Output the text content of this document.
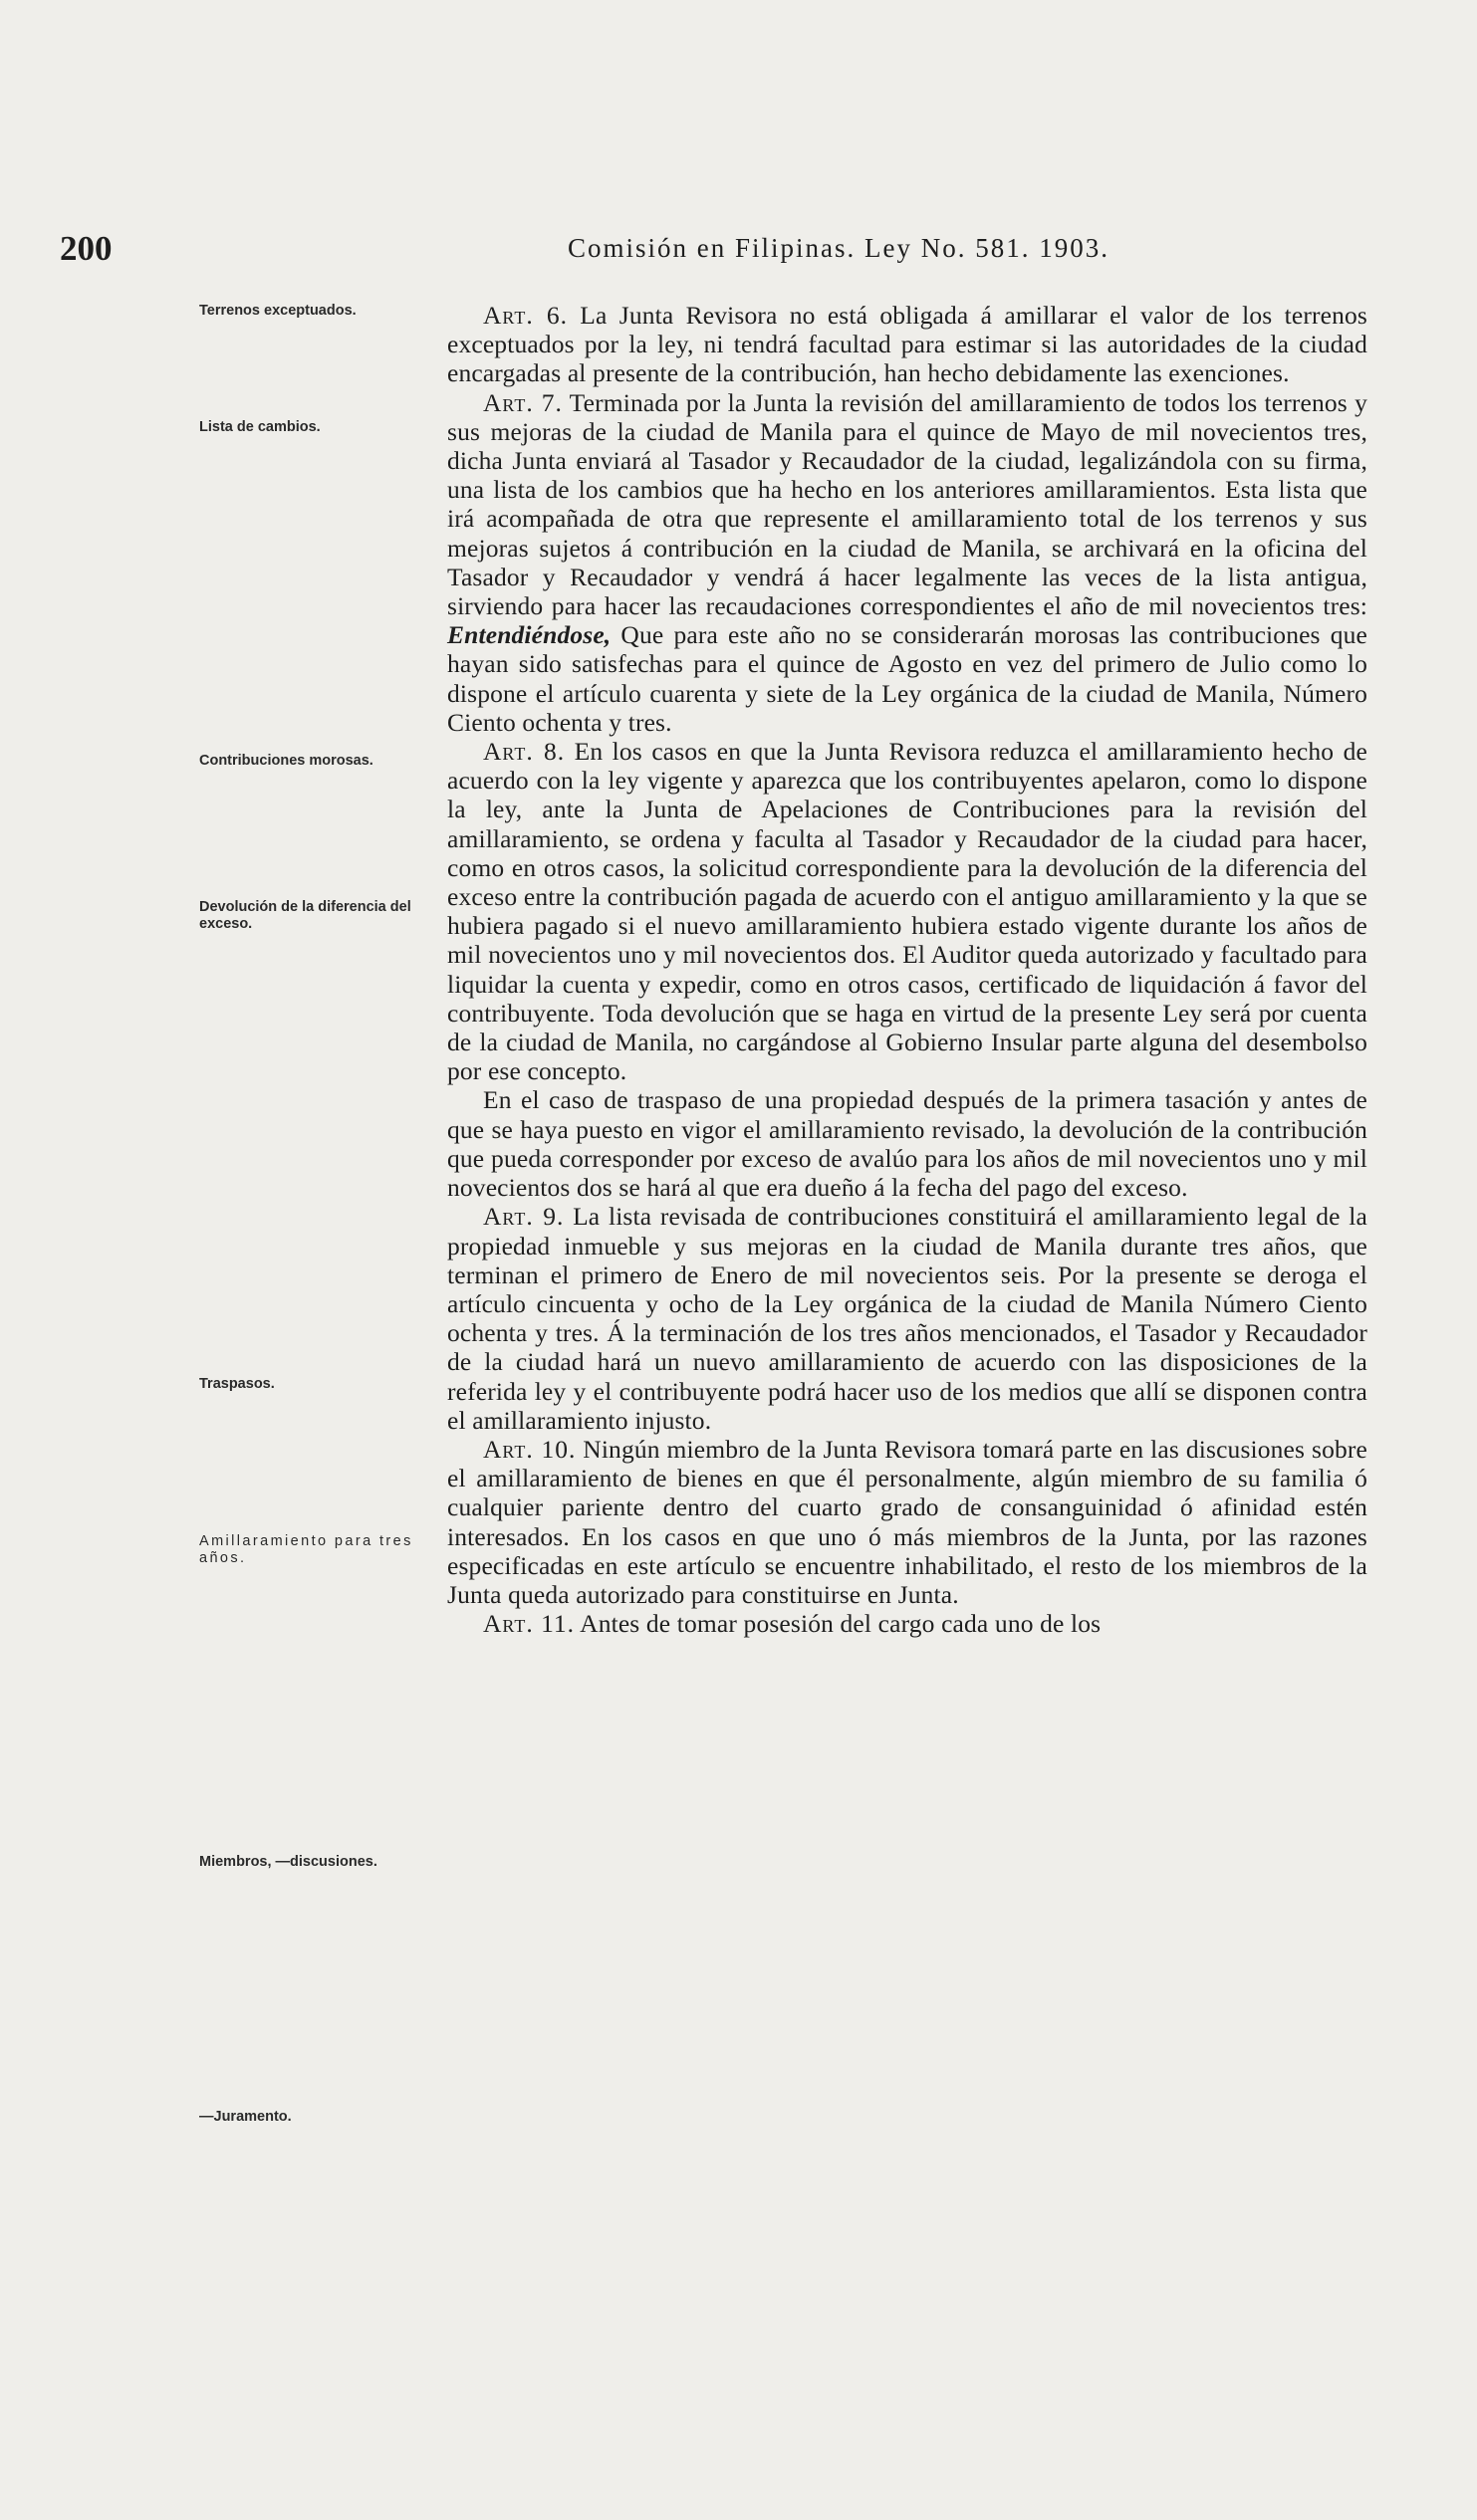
200	Comisión en Filipinas. Ley No. 581. 1903.
Terrenos exceptuados.
Lista de cambios.
Contribuciones morosas.
Devolución de la diferencia del exceso.
Traspasos.
Amillaramiento para tres años.
Miembros, —discusiones.
—Juramento.

Art. 6. La Junta Revisora no está obligada á amillarar el valor de los terrenos exceptuados por la ley, ni tendrá facultad para estimar si las autoridades de la ciudad encargadas al presente de la contribución, han hecho debidamente las exenciones.

Art. 7. Terminada por la Junta la revisión del amillaramiento de todos los terrenos y sus mejoras de la ciudad de Manila para el quince de Mayo de mil novecientos tres, dicha Junta enviará al Tasador y Recaudador de la ciudad, legalizándola con su firma, una lista de los cambios que ha hecho en los anteriores amillaramientos. Esta lista que irá acompañada de otra que represente el amillaramiento total de los terrenos y sus mejoras sujetos á contribución en la ciudad de Manila, se archivará en la oficina del Tasador y Recaudador y vendrá á hacer legalmente las veces de la lista antigua, sirviendo para hacer las recaudaciones correspondientes el año de mil novecientos tres: Entendiéndose, Que para este año no se considerarán morosas las contribuciones que hayan sido satisfechas para el quince de Agosto en vez del primero de Julio como lo dispone el artículo cuarenta y siete de la Ley orgánica de la ciudad de Manila, Número Ciento ochenta y tres.

Art. 8. En los casos en que la Junta Revisora reduzca el amillaramiento hecho de acuerdo con la ley vigente y aparezca que los contribuyentes apelaron, como lo dispone la ley, ante la Junta de Apelaciones de Contribuciones para la revisión del amillaramiento, se ordena y faculta al Tasador y Recaudador de la ciudad para hacer, como en otros casos, la solicitud correspondiente para la devolución de la diferencia del exceso entre la contribución pagada de acuerdo con el antiguo amillaramiento y la que se hubiera pagado si el nuevo amillaramiento hubiera estado vigente durante los años de mil novecientos uno y mil novecientos dos. El Auditor queda autorizado y facultado para liquidar la cuenta y expedir, como en otros casos, certificado de liquidación á favor del contribuyente. Toda devolución que se haga en virtud de la presente Ley será por cuenta de la ciudad de Manila, no cargándose al Gobierno Insular parte alguna del desembolso por ese concepto.

En el caso de traspaso de una propiedad después de la primera tasación y antes de que se haya puesto en vigor el amillaramiento revisado, la devolución de la contribución que pueda corresponder por exceso de avalúo para los años de mil novecientos uno y mil novecientos dos se hará al que era dueño á la fecha del pago del exceso.

Art. 9. La lista revisada de contribuciones constituirá el amillaramiento legal de la propiedad inmueble y sus mejoras en la ciudad de Manila durante tres años, que terminan el primero de Enero de mil novecientos seis. Por la presente se deroga el artículo cincuenta y ocho de la Ley orgánica de la ciudad de Manila Número Ciento ochenta y tres. Á la terminación de los tres años mencionados, el Tasador y Recaudador de la ciudad hará un nuevo amillaramiento de acuerdo con las disposiciones de la referida ley y el contribuyente podrá hacer uso de los medios que allí se disponen contra el amillaramiento injusto.

Art. 10. Ningún miembro de la Junta Revisora tomará parte en las discusiones sobre el amillaramiento de bienes en que él personalmente, algún miembro de su familia ó cualquier pariente dentro del cuarto grado de consanguinidad ó afinidad estén interesados. En los casos en que uno ó más miembros de la Junta, por las razones especificadas en este artículo se encuentre inhabilitado, el resto de los miembros de la Junta queda autorizado para constituirse en Junta.

Art. 11. Antes de tomar posesión del cargo cada uno de los
